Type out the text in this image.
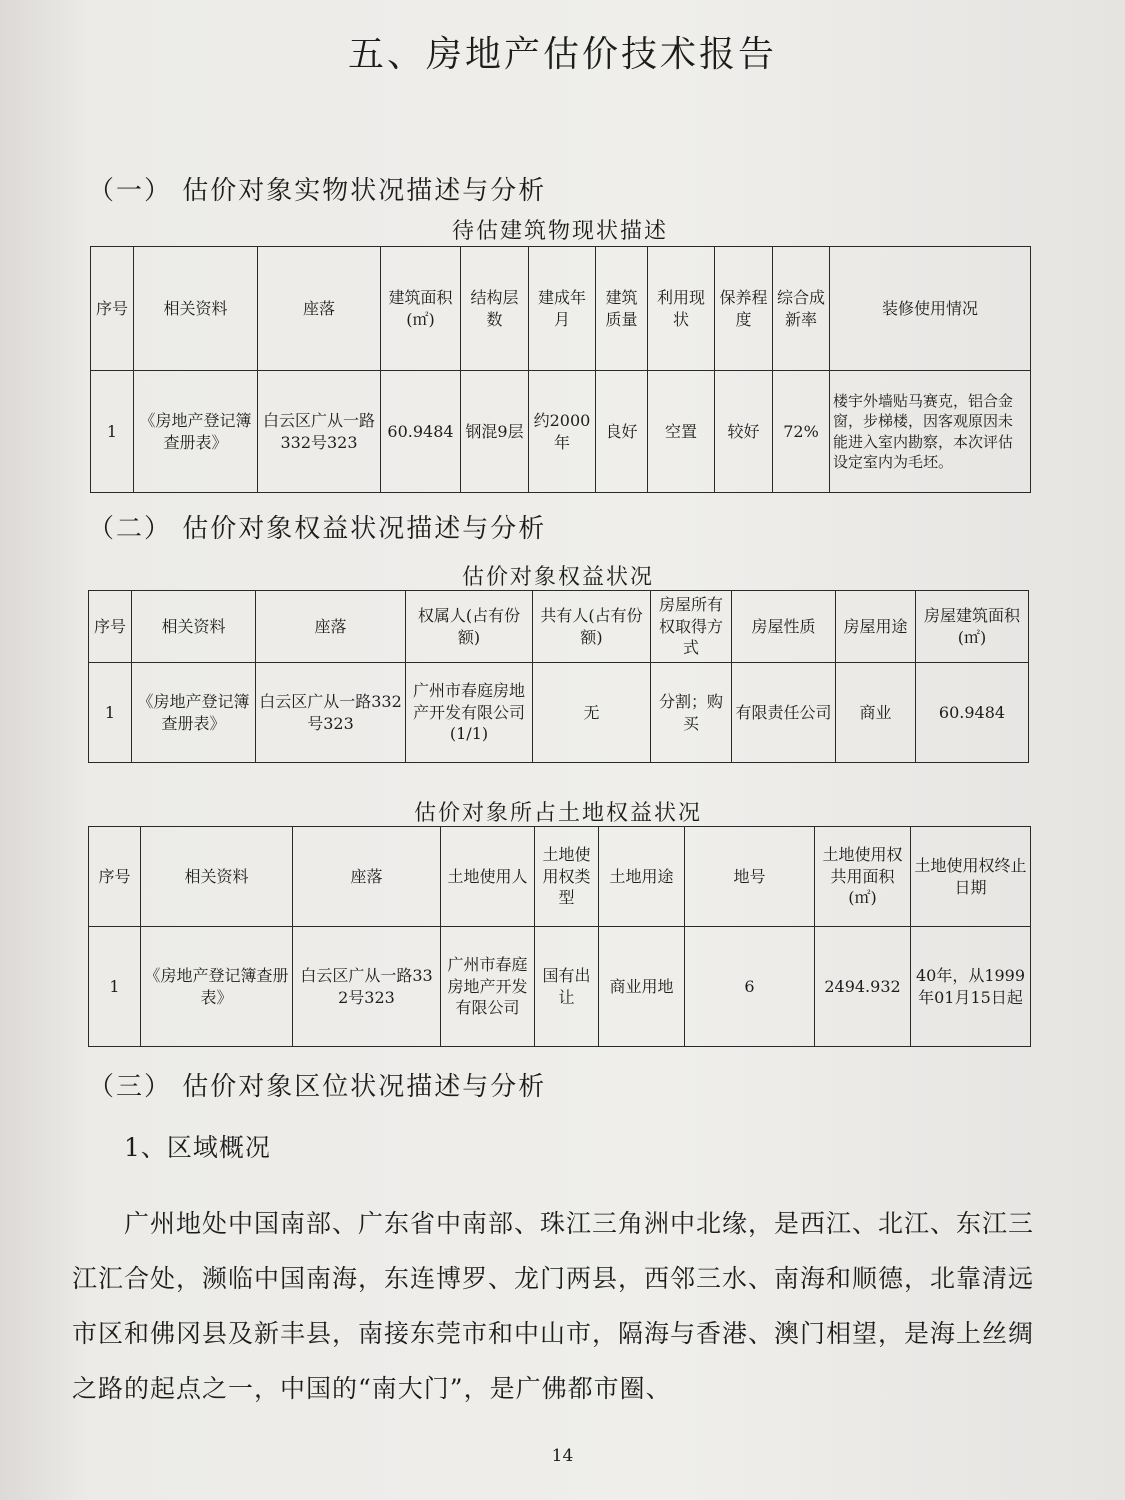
五、房地产估价技术报告
（一） 估价对象实物状况描述与分析
待估建筑物现状描述
序号	相关资料	座落	建筑面积(㎡)	结构层数	建成年月	建筑质量	利用现状	保养程度	综合成新率	装修使用情况
1	《房地产登记簿查册表》	白云区广从一路332号323	60.9484	钢混9层	约2000年	良好	空置	较好	72%	楼宇外墙贴马赛克，铝合金窗，步梯楼，因客观原因未能进入室内勘察，本次评估设定室内为毛坯。
（二） 估价对象权益状况描述与分析
估价对象权益状况
序号	相关资料	座落	权属人(占有份额)	共有人(占有份额)	房屋所有权取得方式	房屋性质	房屋用途	房屋建筑面积(㎡)
1	《房地产登记簿查册表》	白云区广从一路332号323	广州市春庭房地产开发有限公司(1/1)	无	分割；购买	有限责任公司	商业	60.9484
估价对象所占土地权益状况
序号	相关资料	座落	土地使用人	土地使用权类型	土地用途	地号	土地使用权共用面积(㎡)	土地使用权终止日期
1	《房地产登记簿查册表》	白云区广从一路332号323	广州市春庭房地产开发有限公司	国有出让	商业用地	6	2494.932	40年，从1999年01月15日起
（三） 估价对象区位状况描述与分析
1、区域概况
广州地处中国南部、广东省中南部、珠江三角洲中北缘，是西江、北江、东江三江汇合处，濒临中国南海，东连博罗、龙门两县，西邻三水、南海和顺德，北靠清远市区和佛冈县及新丰县，南接东莞市和中山市，隔海与香港、澳门相望，是海上丝绸之路的起点之一，中国的“南大门”，是广佛都市圈、
14
